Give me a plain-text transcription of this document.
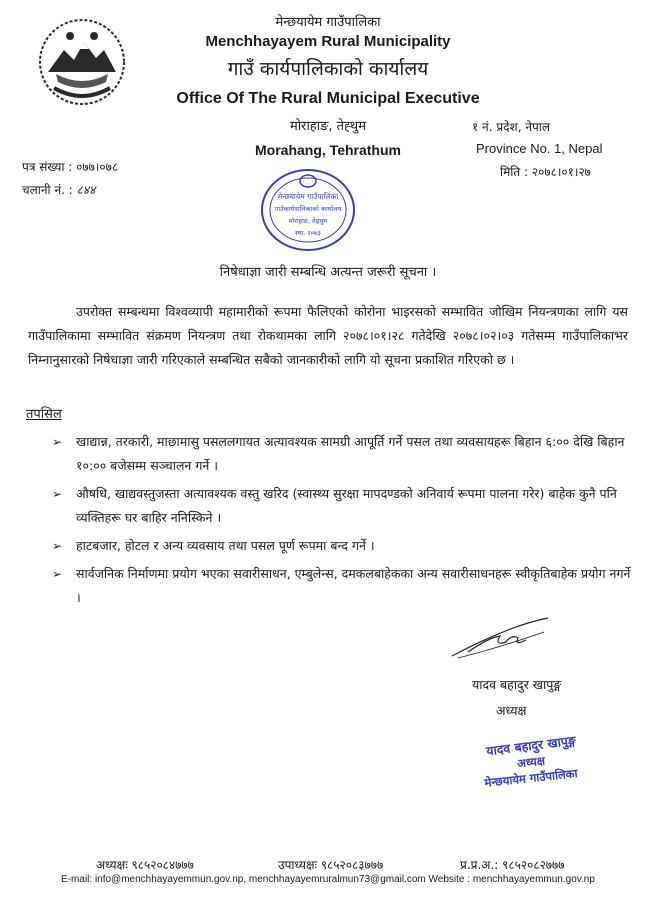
मेन्छयायेम गाउँपालिका
Menchhayayem Rural Municipality
गाउँ कार्यपालिकाको कार्यालय
Office Of The Rural Municipal Executive
मोराहाङ, तेह्थुम
Morahang, Tehrathum
१ नं. प्रदेश, नेपाल
Province No. 1, Nepal
पत्र संख्या : ०७७।०७८
चलानी नं. : ८४४
मिति : २०७८।०१।२७
मेन्छयायेम गाउँपालिका
गाउँकार्यपालिकाको कार्यालय
मोराहाङ, तेह्रथुम
स्था. २०७३
निषेधाज्ञा जारी सम्बन्धि अत्यन्त जरूरी सूचना ।
उपरोक्त सम्बन्धमा विश्वव्यापी महामारीको रूपमा फैलिएको कोरोना भाइरसको सम्भावित जोखिम नियन्त्रणका लागि यस गाउँपालिकामा सम्भावित संक्रमण नियन्त्रण तथा रोकथामका लागि २०७८।०१।२८ गतेदेखि २०७८।०२।०३ गतेसम्म गाउँपालिकाभर निम्नानुसारको निषेधाज्ञा जारी गरिएकाले सम्बन्धित सबैको जानकारीको लागि यो सूचना प्रकाशित गरिएको छ ।
तपसिल
➢ खाद्यान्न, तरकारी, माछामासु पसललगायत अत्यावश्यक सामग्री आपूर्ति गर्ने पसल तथा व्यवसायहरू बिहान ६:०० देखि बिहान १०:०० बजेसम्म सञ्चालन गर्ने ।
➢ औषधि, खाद्यवस्तुजस्ता अत्यावश्यक वस्तु खरिद (स्वास्थ्य सुरक्षा मापदण्डको अनिवार्य रूपमा पालना गरेर) बाहेक कुनै पनि व्यक्तिहरू घर बाहिर ननिस्किने ।
➢ हाटबजार, होटल र अन्य व्यवसाय तथा पसल पूर्ण रूपमा बन्द गर्ने ।
➢ सार्वजनिक निर्माणमा प्रयोग भएका सवारीसाधन, एम्बुलेन्स, दमकलबाहेकका अन्य सवारीसाधनहरू स्वीकृतिबाहेक प्रयोग नगर्ने ।
यादव बहादुर खापुङ्ग
अध्यक्ष
यादव बहादुर खापुङ्ग
अध्यक्ष
मेन्छयायेम गाउँपालिका
अध्यक्षः ९८५२०८४७७७	उपाध्यक्षः ९८५२०८३७७७	प्र.प्र.अ.: ९८५२०८२७७७
E-mail: info@menchhayayemmun.gov.np, menchhayayemruralmun73@gmail.com Website : menchhayayemmun.gov.np
